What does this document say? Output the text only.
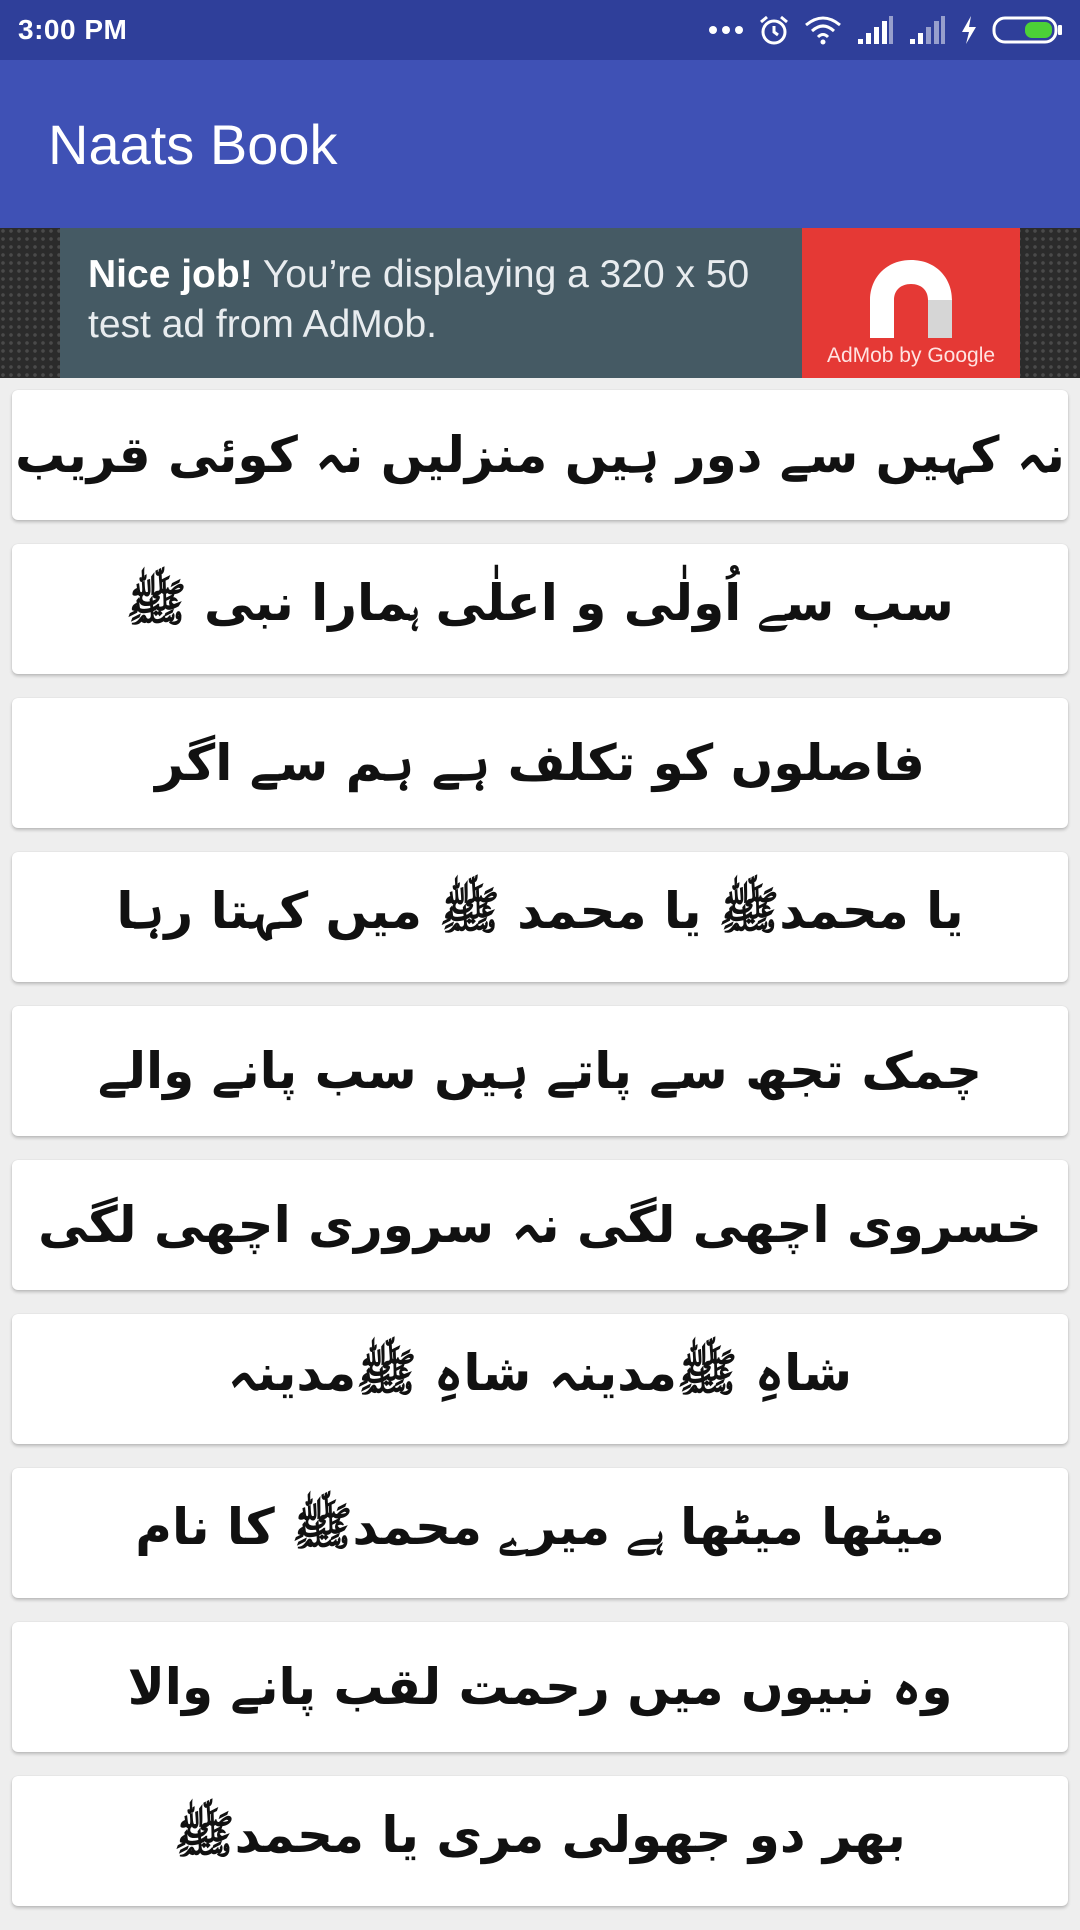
3:00 PM
Naats Book
Nice job! You’re displaying a 320 x 50 test ad from AdMob.
AdMob by Google
نہ کہیں سے دور ہیں منزلیں نہ کوئی قریب
سب سے اُولٰی و اعلٰی ہمارا نبی ﷺ
فاصلوں کو تکلف ہے ہم سے اگر
یا محمدﷺ یا محمد ﷺ میں کہتا رہا
چمک تجھ سے پاتے ہیں سب پانے والے
خسروی اچھی لگی نہ سروری اچھی لگی
شاہِ ﷺمدینہ شاہِ ﷺمدینہ
میٹھا میٹھا ہے میرے محمدﷺ کا نام
وہ نبیوں میں رحمت لقب پانے والا
بھر دو جھولی مری یا محمدﷺ
